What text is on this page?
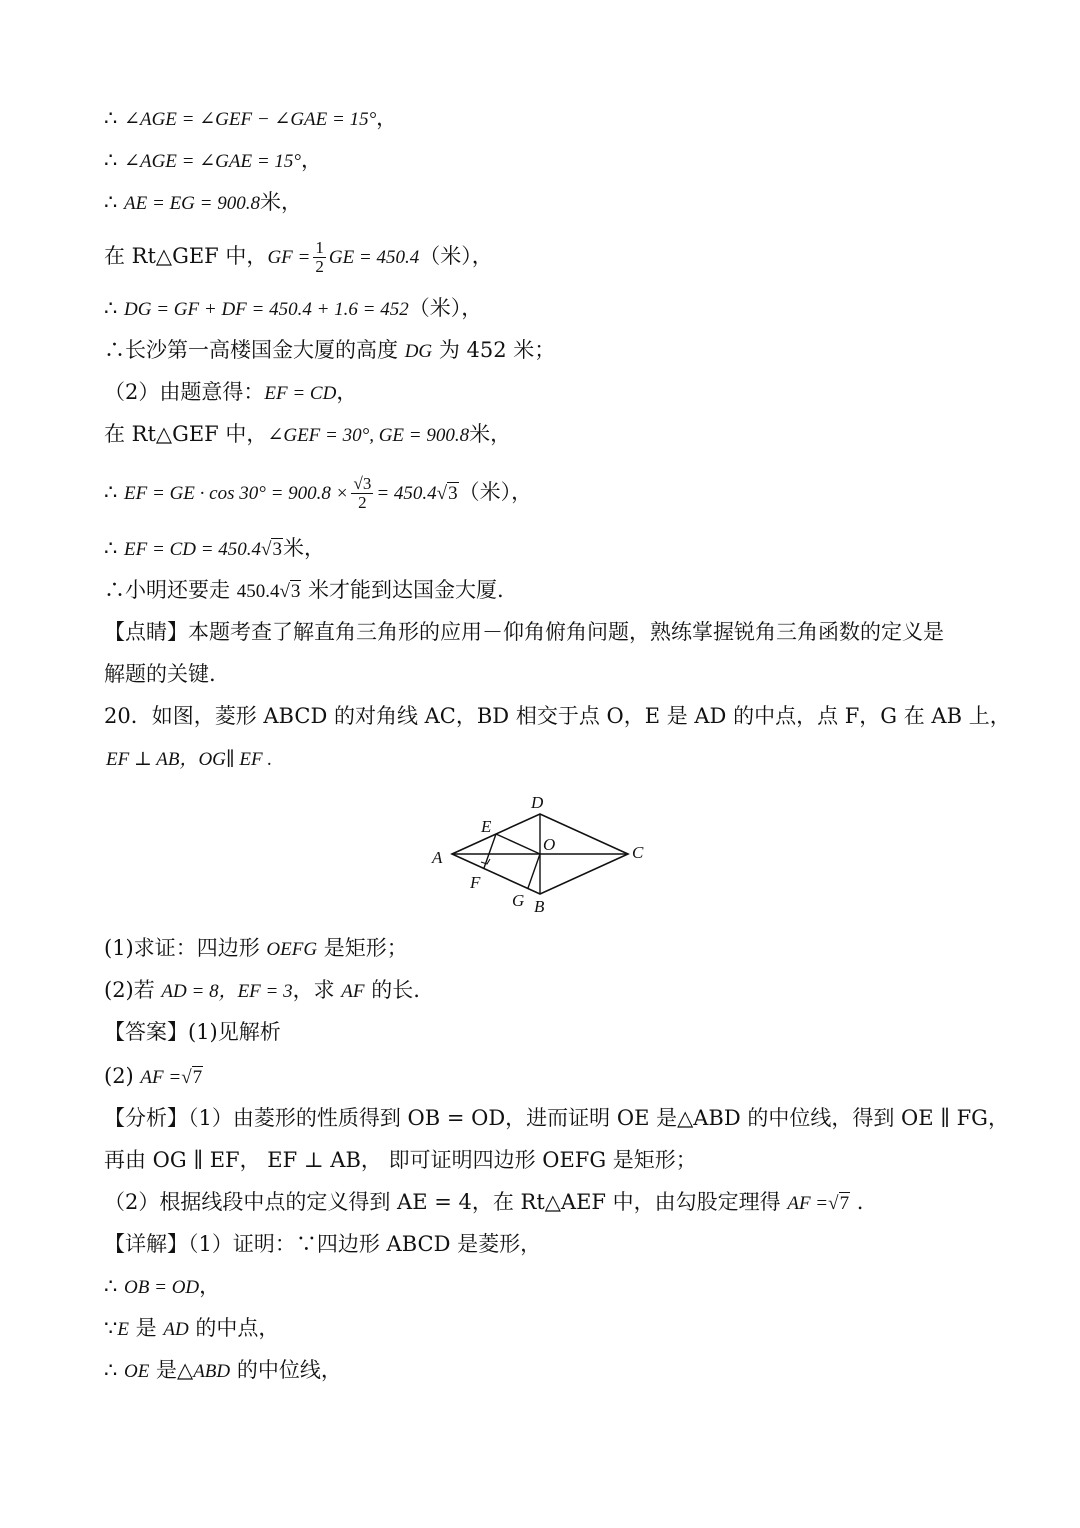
∴ ∠AGE = ∠GEF − ∠GAE = 15°，
∴ ∠AGE = ∠GAE = 15°，
∴ AE = EG = 900.8米，
在 Rt△GEF 中，GF = $\frac{1}{2}$ GE = 450.4（米），
∴ DG = GF + DF = 450.4 + 1.6 = 452（米），
∴长沙第一高楼国金大厦的高度 DG 为 452 米；
（2）由题意得：EF = CD，
在 Rt△GEF 中，∠GEF = 30°, GE = 900.8米，
∴ EF = GE · $\cos 30^\circ = 900.8 \times \frac{√3}{2} = 450.4√3$（米），
∴ EF = CD = 450.4√3米，
∴小明还要走 450.4√3 米才能到达国金大厦.
【点睛】本题考查了解直角三角形的应用－仰角俯角问题，熟练掌握锐角三角函数的定义是
解题的关键.
20．如图，菱形 ABCD 的对角线 AC，BD 相交于点 O，E 是 AD 的中点，点 F，G 在 AB 上，
EF ⊥ AB，OG∥ EF .
D
E
O
A	C
F
G B
(1)求证：四边形 OEFG 是矩形；
(2)若 AD = 8，EF = 3，求 AF 的长.
【答案】(1)见解析
(2) AF =√7
【分析】（1）由菱形的性质得到 OB = OD，进而证明 OE 是△ABD 的中位线，得到 OE ∥ FG，
再由 OG ∥ EF， EF ⊥ AB， 即可证明四边形 OEFG 是矩形；
（2）根据线段中点的定义得到 AE = 4，在 Rt△AEF 中，由勾股定理得 AF =√7 .
【详解】（1）证明：∵四边形 ABCD 是菱形，
∴ OB = OD，
∵E 是 AD 的中点，
∴ OE 是△ABD 的中位线，
